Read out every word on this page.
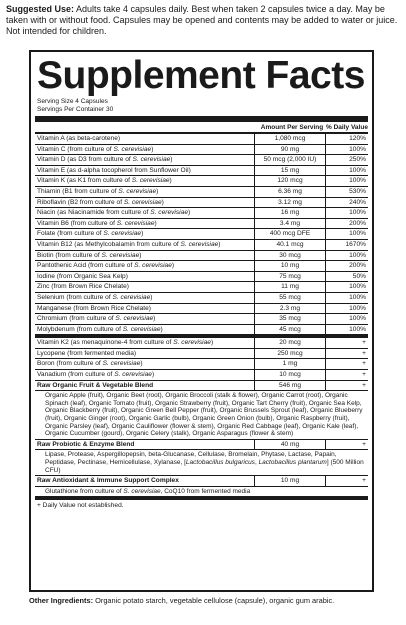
Suggested Use: Adults take 4 capsules daily. Best when taken 2 capsules twice a day. May be taken with or without food. Capsules may be opened and contents may be added to water or juice. Not intended for children.
Supplement Facts
Serving Size 4 Capsules
Servings Per Container 30
Amount Per Serving % Daily Value
Vitamin A (as beta-carotene)	1,080 mcg	120%
Vitamin C (from culture of S. cerevisiae)	90 mg	100%
Vitamin D (as D3 from culture of S. cerevisiae)	50 mcg (2,000 IU)	250%
Vitamin E (as d-alpha tocopherol from Sunflower Oil)	15 mg	100%
Vitamin K (as K1 from culture of S. cerevisiae)	120 mcg	100%
Thiamin (B1 from culture of S. cerevisiae)	6.36 mg	530%
Riboflavin (B2 from culture of S. cerevisiae)	3.12 mg	240%
Niacin (as Niacinamide from culture of S. cerevisiae)	16 mg	100%
Vitamin B6 (from culture of S. cerevisiae)	3.4 mg	200%
Folate (from culture of S. cerevisiae)	400 mcg DFE	100%
Vitamin B12 (as Methylcobalamin from culture of S. cerevisiae)	40.1 mcg	1670%
Biotin (from culture of S. cerevisiae)	30 mcg	100%
Pantothenic Acid (from culture of S. cerevisiae)	10 mg	200%
Iodine (from Organic Sea Kelp)	75 mcg	50%
Zinc (from Brown Rice Chelate)	11 mg	100%
Selenium (from culture of S. cerevisiae)	55 mcg	100%
Manganese (from Brown Rice Chelate)	2.3 mg	100%
Chromium (from culture of S. cerevisiae)	35 mcg	100%
Molybdenum (from culture of S. cerevisiae)	45 mcg	100%
Vitamin K2 (as menaquinone-4 from culture of S. cerevisiae)	20 mcg	+
Lycopene (from fermented media)	250 mcg	+
Boron (from culture of S. cerevisiae)	1 mg	+
Vanadium (from culture of S. cerevisiae)	10 mcg	+
Raw Organic Fruit & Vegetable Blend	546 mg	+
Organic Apple (fruit), Organic Beet (root), Organic Broccoli (stalk & flower), Organic Carrot (root), Organic Spinach (leaf), Organic Tomato (fruit), Organic Strawberry (fruit), Organic Tart Cherry (fruit), Organic Sea Kelp, Organic Blackberry (fruit), Organic Green Bell Pepper (fruit), Organic Brussels Sprout (leaf), Organic Blueberry (fruit), Organic Ginger (root), Organic Garlic (bulb), Organic Green Onion (bulb), Organic Raspberry (fruit), Organic Parsley (leaf), Organic Cauliflower (flower & stem), Organic Red Cabbage (leaf), Organic Kale (leaf), Organic Cucumber (gourd), Organic Celery (stalk), Organic Asparagus (flower & stem)
Raw Probiotic & Enzyme Blend	40 mg	+
Lipase, Protease, Aspergillopepsin, beta-Glucanase, Cellulase, Bromelain, Phytase, Lactase, Papain, Peptidase, Pectinase, Hemicellulase, Xylanase, [Lactobacillus bulgaricus, Lactobacillus plantarum] (500 Million CFU)
Raw Antioxidant & Immune Support Complex	10 mg	+
Glutathione from culture of S. cerevisiae, CoQ10 from fermented media
+ Daily Value not established.
Other Ingredients: Organic potato starch, vegetable cellulose (capsule), organic gum arabic.
